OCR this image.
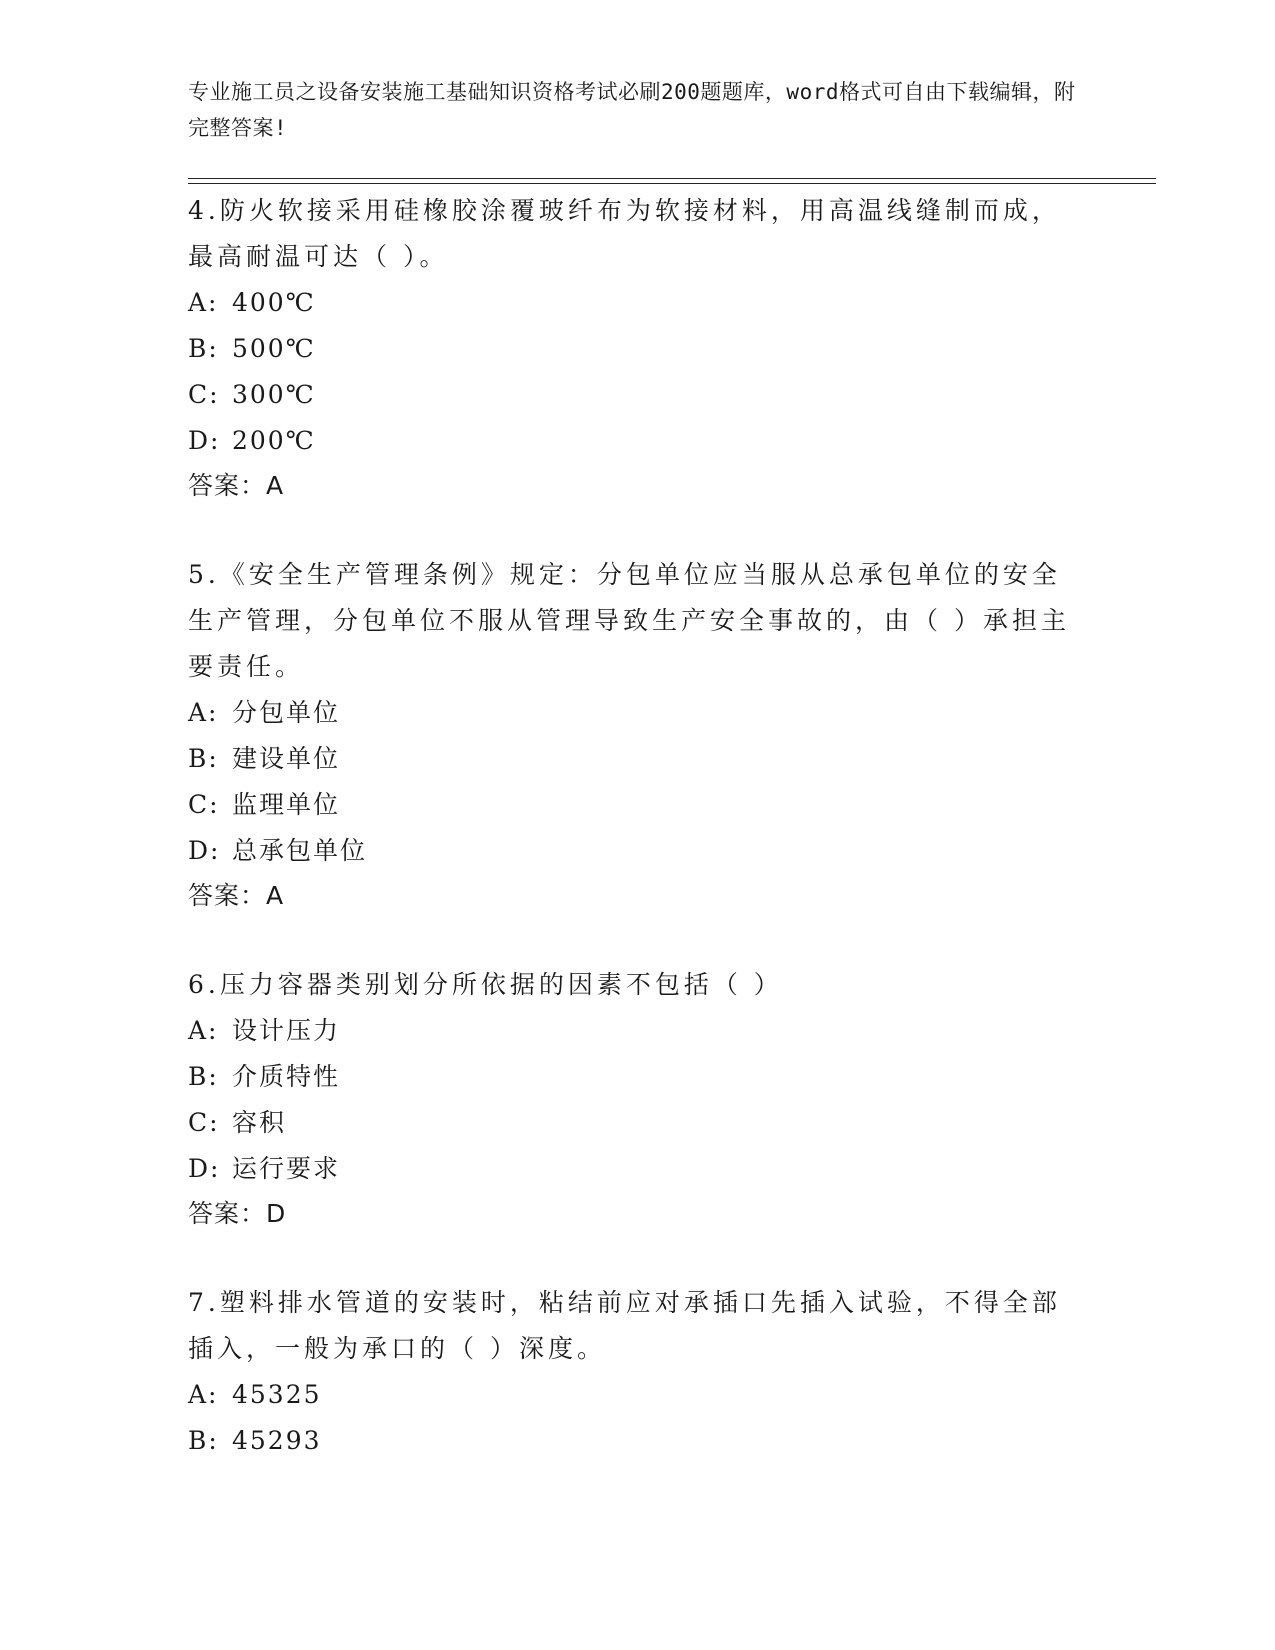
专业施工员之设备安装施工基础知识资格考试必刷200题题库，word格式可自由下载编辑，附完整答案!

4.防火软接采用硅橡胶涂覆玻纤布为软接材料，用高温线缝制而成，最高耐温可达（ ）。

A: 400℃

B: 500℃

C: 300℃

D: 200℃

答案：A

5.《安全生产管理条例》规定：分包单位应当服从总承包单位的安全生产管理，分包单位不服从管理导致生产安全事故的，由（ ）承担主要责任。

A: 分包单位

B: 建设单位

C: 监理单位

D: 总承包单位

答案：A

6.压力容器类别划分所依据的因素不包括（ ）

A: 设计压力

B: 介质特性

C: 容积

D: 运行要求

答案：D

7.塑料排水管道的安装时，粘结前应对承插口先插入试验，不得全部插入，一般为承口的（ ）深度。

A: 45325

B: 45293
